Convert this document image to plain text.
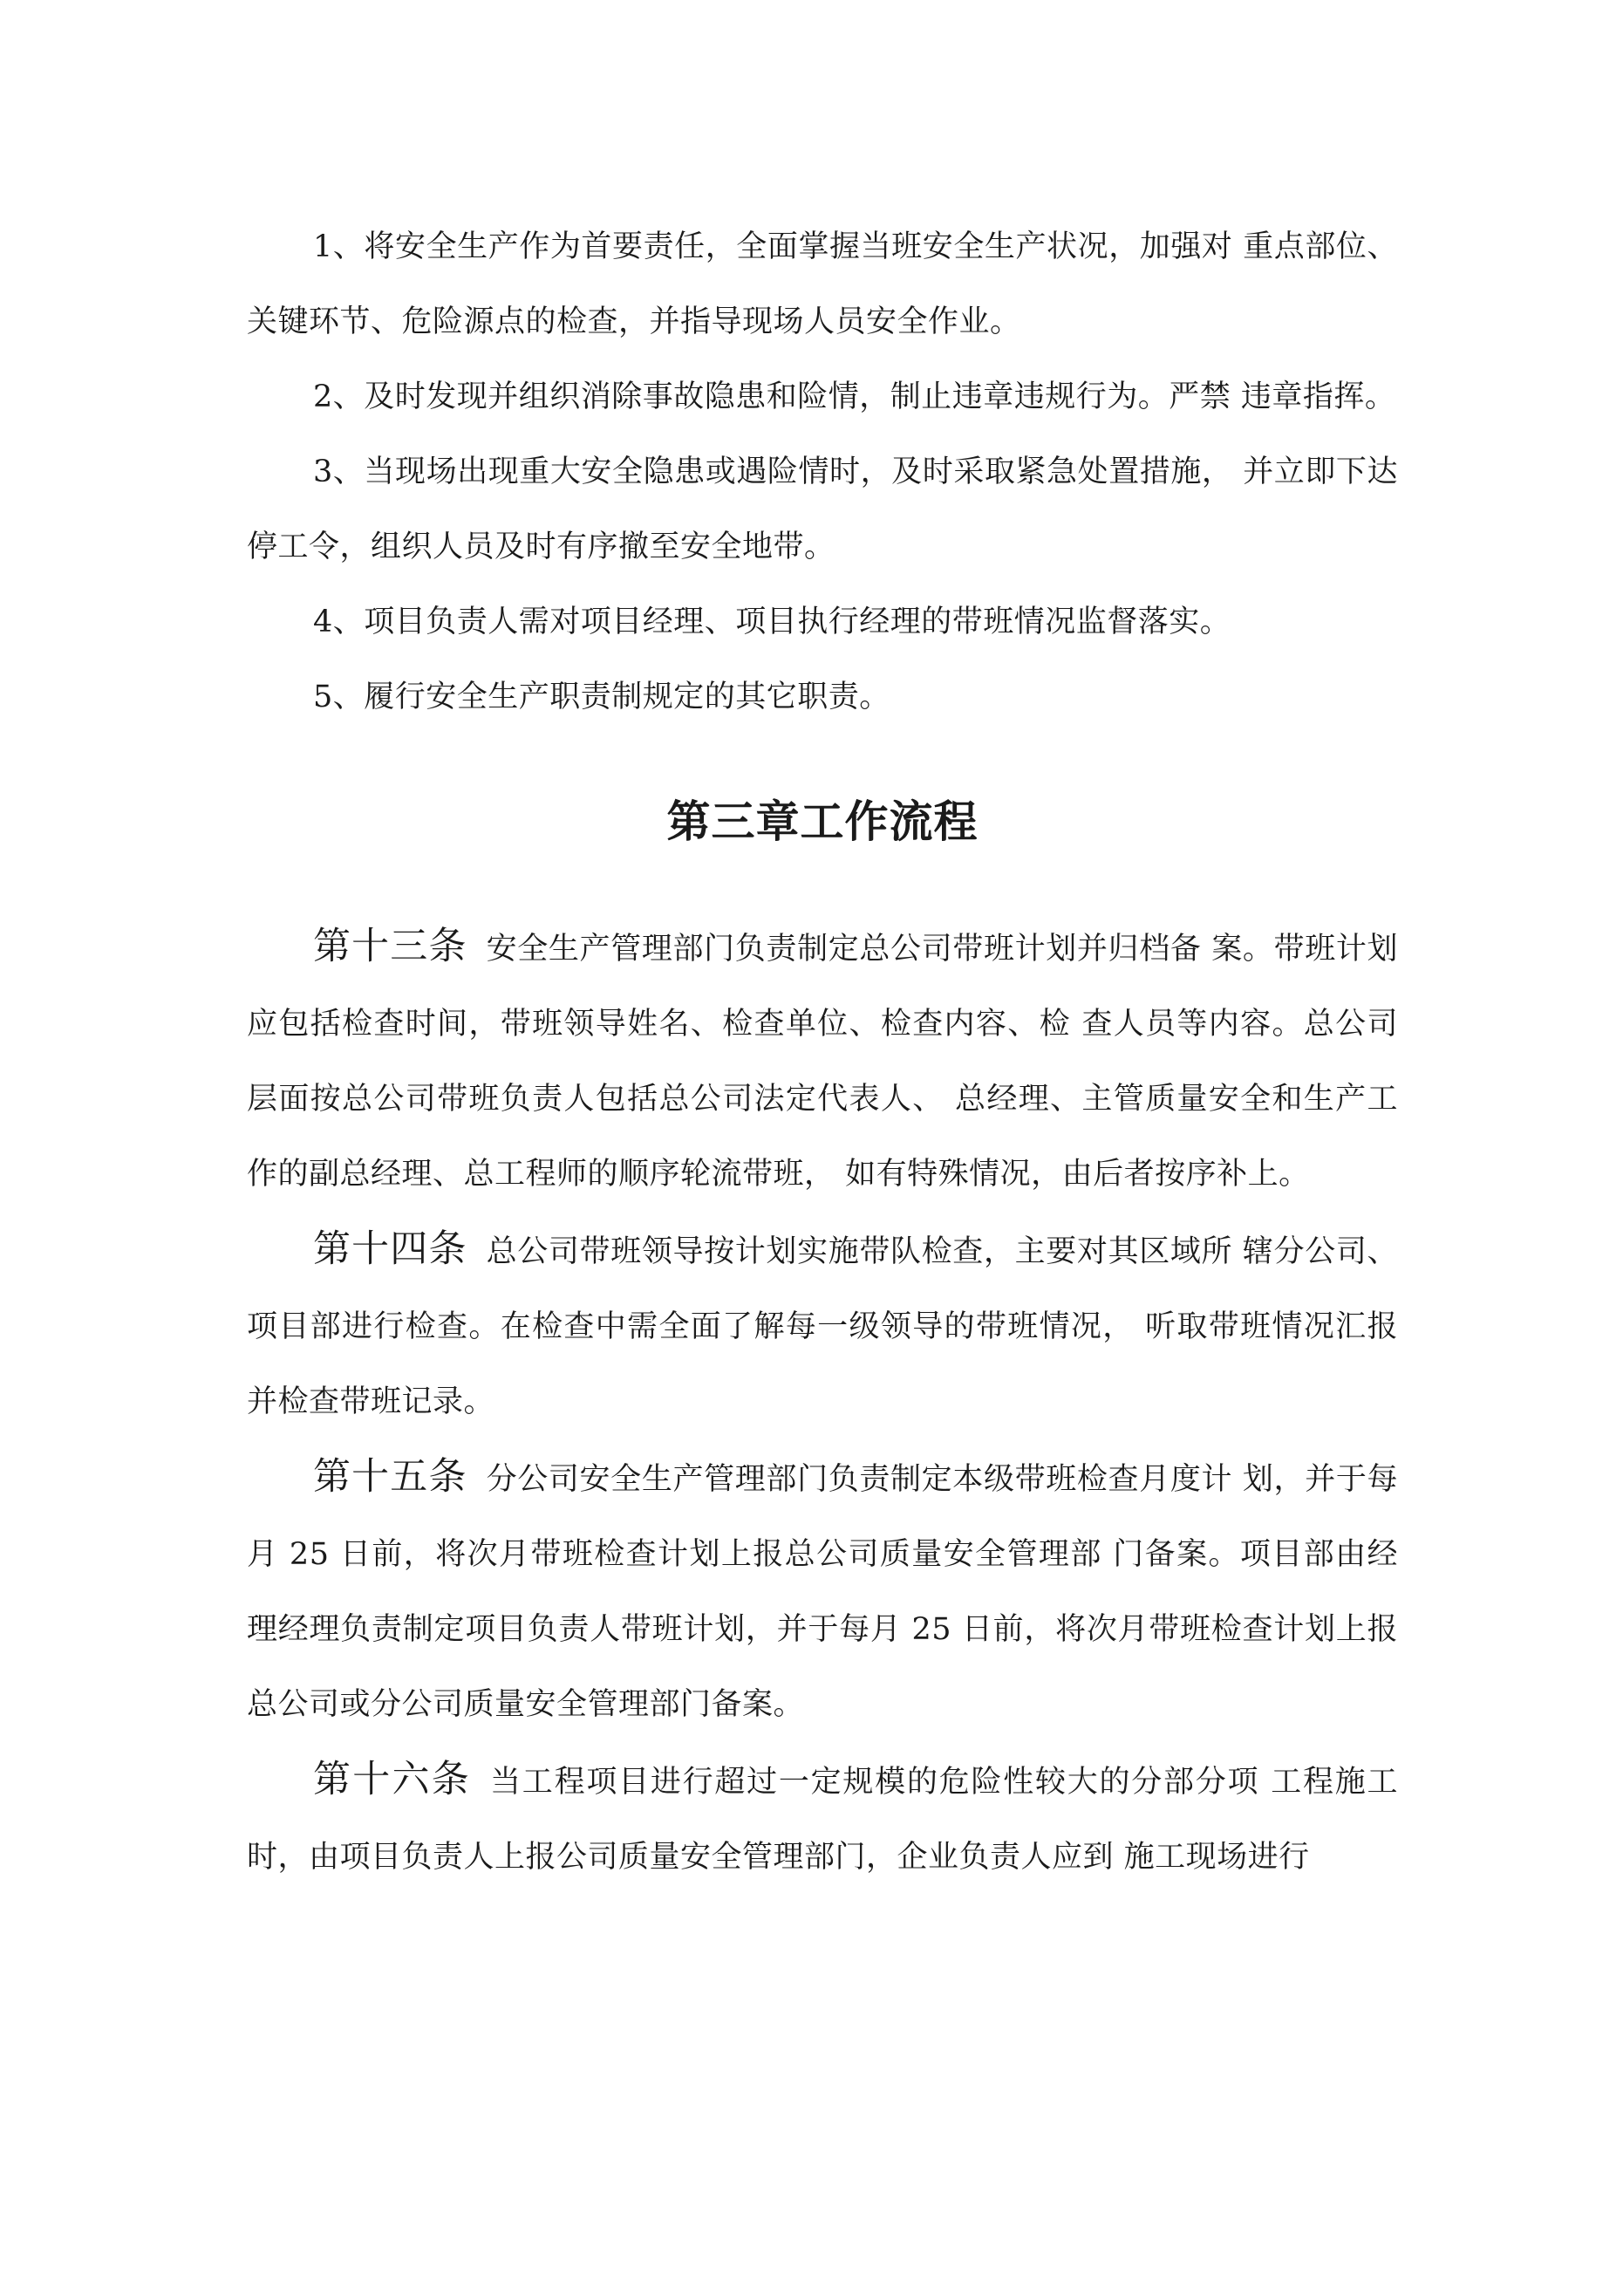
1、将安全生产作为首要责任，全面掌握当班安全生产状况，加强对 重点部位、关键环节、危险源点的检查，并指导现场人员安全作业。

2、及时发现并组织消除事故隐患和险情，制止违章违规行为。严禁 违章指挥。

3、当现场出现重大安全隐患或遇险情时，及时采取紧急处置措施， 并立即下达停工令，组织人员及时有序撤至安全地带。

4、项目负责人需对项目经理、项目执行经理的带班情况监督落实。

5、履行安全生产职责制规定的其它职责。

第三章工作流程

第十三条 安全生产管理部门负责制定总公司带班计划并归档备 案。带班计划应包括检查时间，带班领导姓名、检查单位、检查内容、检 查人员等内容。总公司层面按总公司带班负责人包括总公司法定代表人、 总经理、主管质量安全和生产工作的副总经理、总工程师的顺序轮流带班， 如有特殊情况，由后者按序补上。

第十四条 总公司带班领导按计划实施带队检查，主要对其区域所 辖分公司、项目部进行检查。在检查中需全面了解每一级领导的带班情况， 听取带班情况汇报并检查带班记录。

第十五条 分公司安全生产管理部门负责制定本级带班检查月度计 划，并于每月 25 日前，将次月带班检查计划上报总公司质量安全管理部 门备案。项目部由经理经理负责制定项目负责人带班计划，并于每月 25 日前，将次月带班检查计划上报总公司或分公司质量安全管理部门备案。

第十六条 当工程项目进行超过一定规模的危险性较大的分部分项 工程施工时，由项目负责人上报公司质量安全管理部门，企业负责人应到 施工现场进行
